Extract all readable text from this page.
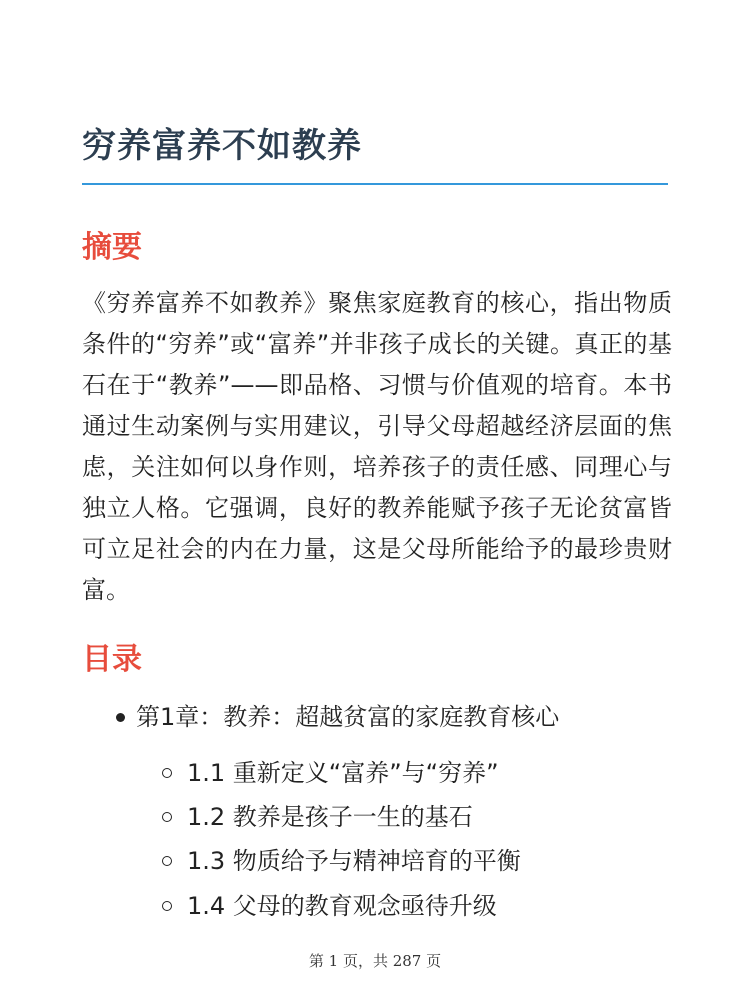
穷养富养不如教养
摘要

《穷养富养不如教养》聚焦家庭教育的核心，指出物质条件的“穷养”或“富养”并非孩子成长的关键。真正的基石在于“教养”——即品格、习惯与价值观的培育。本书通过生动案例与实用建议，引导父母超越经济层面的焦虑，关注如何以身作则，培养孩子的责任感、同理心与独立人格。它强调，良好的教养能赋予孩子无论贫富皆可立足社会的内在力量，这是父母所能给予的最珍贵财富。

目录
第1章：教养：超越贫富的家庭教育核心
1.1 重新定义“富养”与“穷养”
1.2 教养是孩子一生的基石
1.3 物质给予与精神培育的平衡
1.4 父母的教育观念亟待升级
第 1 页，共 287 页
